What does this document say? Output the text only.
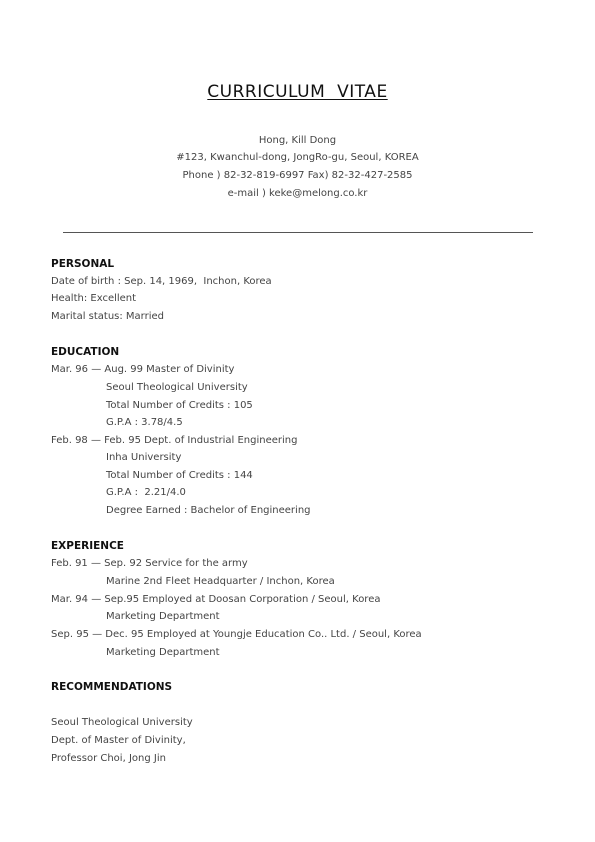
CURRICULUM  VITAE
Hong, Kill Dong
#123, Kwanchul-dong, JongRo-gu, Seoul, KOREA
Phone ) 82-32-819-6997 Fax) 82-32-427-2585
e-mail ) keke@melong.co.kr
PERSONAL
Date of birth : Sep. 14, 1969,  Inchon, Korea
Health: Excellent
Marital status: Married
EDUCATION
Mar. 96 — Aug. 99 Master of Divinity
Seoul Theological University
Total Number of Credits : 105
G.P.A : 3.78/4.5
Feb. 98 — Feb. 95 Dept. of Industrial Engineering
Inha University
Total Number of Credits : 144
G.P.A :  2.21/4.0
Degree Earned : Bachelor of Engineering
EXPERIENCE
Feb. 91 — Sep. 92 Service for the army
Marine 2nd Fleet Headquarter / Inchon, Korea
Mar. 94 — Sep.95 Employed at Doosan Corporation / Seoul, Korea
Marketing Department
Sep. 95 — Dec. 95 Employed at Youngje Education Co.. Ltd. / Seoul, Korea
Marketing Department
RECOMMENDATIONS
Seoul Theological University
Dept. of Master of Divinity,
Professor Choi, Jong Jin
